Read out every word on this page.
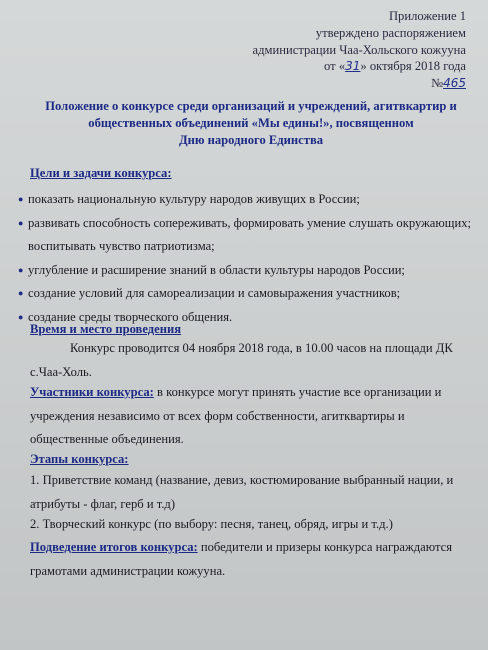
Приложение 1
утверждено распоряжением
администрации Чаа-Хольского кожууна
от «31» октября 2018 года
№465
Положение о конкурсе среди организаций и учреждений, агитвкартир и
общественных объединений «Мы едины!», посвященном
Дню народного Единства
Цели и задачи конкурса:
● показать национальную культуру народов живущих в России;
● развивать способность сопереживать, формировать умение слушать окружающих; воспитывать чувство патриотизма;
● углубление и расширение знаний в области культуры народов России;
● создание условий для самореализации и самовыражения участников;
● создание среды творческого общения.
Время и место проведения
Конкурс проводится 04 ноября 2018 года, в 10.00 часов на площади ДК с.Чаа-Холь.
Участники конкурса: в конкурсе могут принять участие все организации и учреждения независимо от всех форм собственности, агитквартиры и общественные объединения.
Этапы конкурса:
1. Приветствие команд (название, девиз, костюмирование выбранный нации, и атрибуты - флаг, герб и т.д)
2. Творческий конкурс (по выбору: песня, танец, обряд, игры и т.д.)
Подведение итогов конкурса: победители и призеры конкурса награждаются грамотами администрации кожууна.
